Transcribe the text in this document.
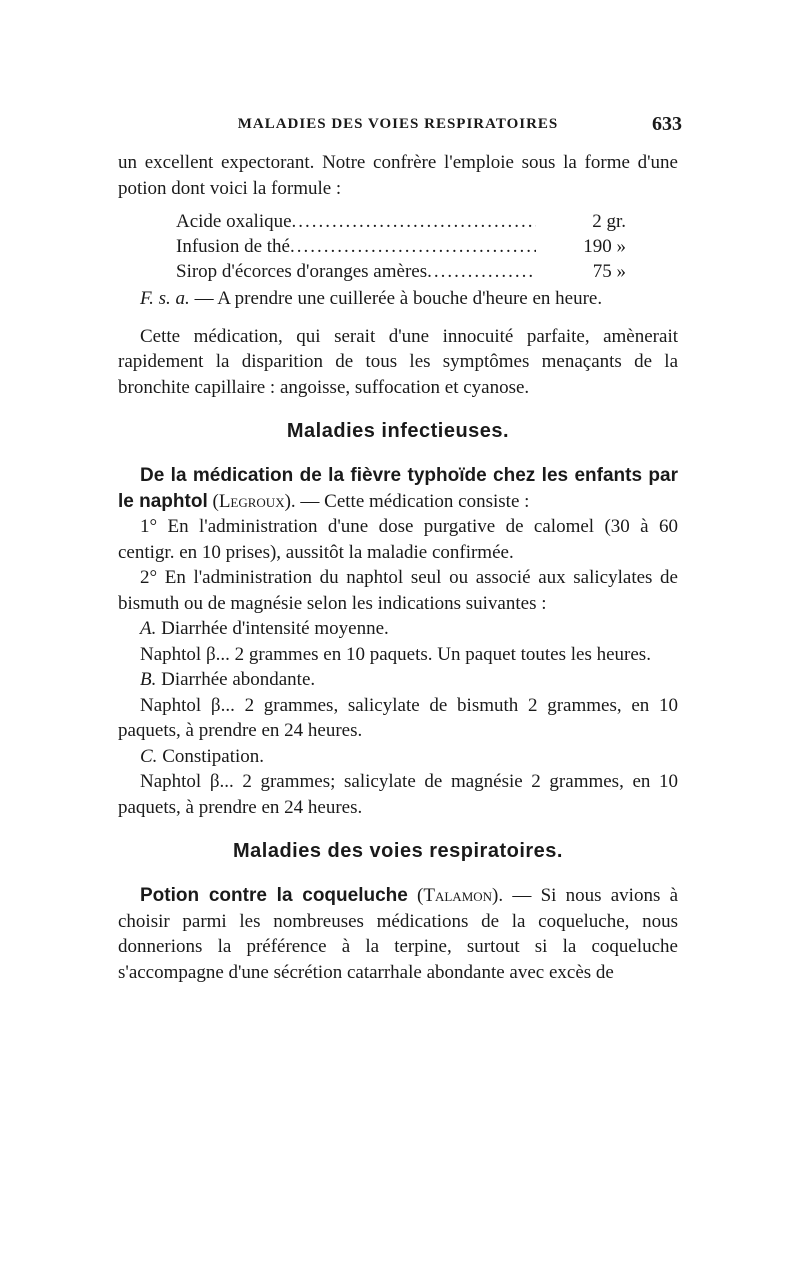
MALADIES DES VOIES RESPIRATOIRES	633

un excellent expectorant. Notre confrère l'emploie sous la forme d'une potion dont voici la formule :

Acide oxalique .....	2 gr.
Infusion de thé .....	190 »
Sirop d'écorces d'oranges amères .....	75 »

F. s. a. — A prendre une cuillerée à bouche d'heure en heure.

Cette médication, qui serait d'une innocuité parfaite, amènerait rapidement la disparition de tous les symptômes menaçants de la bronchite capillaire : angoisse, suffocation et cyanose.

Maladies infectieuses.

De la médication de la fièvre typhoïde chez les enfants par le naphtol (Legroux). — Cette médication consiste :

1° En l'administration d'une dose purgative de calomel (30 à 60 centigr. en 10 prises), aussitôt la maladie confirmée.

2° En l'administration du naphtol seul ou associé aux salicylates de bismuth ou de magnésie selon les indications suivantes :

A. Diarrhée d'intensité moyenne.

Naphtol β... 2 grammes en 10 paquets. Un paquet toutes les heures.

B. Diarrhée abondante.

Naphtol β... 2 grammes, salicylate de bismuth 2 grammes, en 10 paquets, à prendre en 24 heures.

C. Constipation.

Naphtol β... 2 grammes; salicylate de magnésie 2 grammes, en 10 paquets, à prendre en 24 heures.

Maladies des voies respiratoires.

Potion contre la coqueluche (Talamon). — Si nous avions à choisir parmi les nombreuses médications de la coqueluche, nous donnerions la préférence à la terpine, surtout si la coqueluche s'accompagne d'une sécrétion catarrhale abondante avec excès de
